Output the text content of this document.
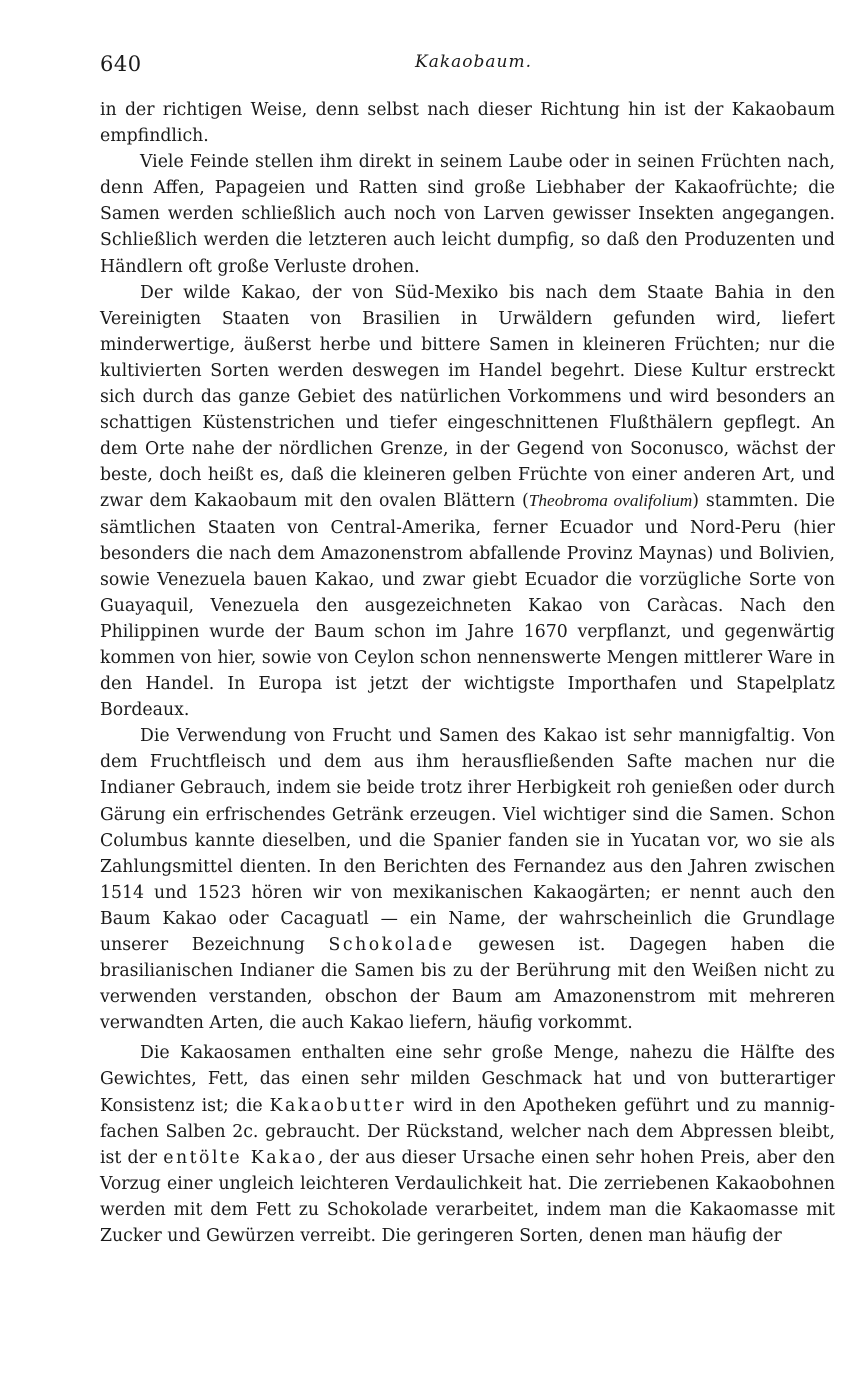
640	Kakaobaum.

in der richtigen Weise, denn selbst nach dieser Richtung hin ist der Kakaobaum empfindlich.

Viele Feinde stellen ihm direkt in seinem Laube oder in seinen Früchten nach, denn Affen, Papageien und Ratten sind große Liebhaber der Kakaofrüchte; die Samen werden schließlich auch noch von Larven gewisser Insekten angegangen. Schließlich werden die letzteren auch leicht dumpfig, so daß den Produzenten und Händlern oft große Verluste drohen.

Der wilde Kakao, der von Süd-Mexiko bis nach dem Staate Bahia in den Vereinigten Staaten von Brasilien in Urwäldern gefunden wird, liefert minderwertige, äußerst herbe und bittere Samen in kleineren Früchten; nur die kultivierten Sorten werden deswegen im Handel begehrt. Diese Kultur erstreckt sich durch das ganze Gebiet des natürlichen Vorkommens und wird besonders an schattigen Küstenstrichen und tiefer eingeschnittenen Flußthälern gepflegt. An dem Orte nahe der nördlichen Grenze, in der Gegend von Soconusco, wächst der beste, doch heißt es, daß die kleineren gelben Früchte von einer anderen Art, und zwar dem Kakaobaum mit den ovalen Blättern (Theobroma ovalifolium) stammten. Die sämtlichen Staaten von Central-Amerika, ferner Ecuador und Nord-Peru (hier besonders die nach dem Amazonenstrom abfallende Provinz Maynas) und Bolivien, sowie Venezuela bauen Kakao, und zwar giebt Ecuador die vorzügliche Sorte von Guayaquil, Venezuela den ausgezeichneten Kakao von Caràcas. Nach den Philippinen wurde der Baum schon im Jahre 1670 verpflanzt, und gegenwärtig kommen von hier, sowie von Ceylon schon nennenswerte Mengen mittlerer Ware in den Handel. In Europa ist jetzt der wichtigste Importhafen und Stapelplatz Bordeaux.

Die Verwendung von Frucht und Samen des Kakao ist sehr mannigfaltig. Von dem Fruchtfleisch und dem aus ihm herausfließenden Safte machen nur die Indianer Gebrauch, indem sie beide trotz ihrer Herbigkeit roh genießen oder durch Gärung ein erfrischendes Getränk erzeugen. Viel wichtiger sind die Samen. Schon Columbus kannte dieselben, und die Spanier fanden sie in Yucatan vor, wo sie als Zahlungsmittel dienten. In den Berichten des Fernandez aus den Jahren zwischen 1514 und 1523 hören wir von mexikanischen Kakaogärten; er nennt auch den Baum Kakao oder Cacaguatl — ein Name, der wahrscheinlich die Grundlage unserer Bezeichnung Schokolade gewesen ist. Dagegen haben die brasilianischen Indianer die Samen bis zu der Berührung mit den Weißen nicht zu verwenden verstanden, obschon der Baum am Amazonenstrom mit mehreren verwandten Arten, die auch Kakao liefern, häufig vorkommt.

Die Kakaosamen enthalten eine sehr große Menge, nahezu die Hälfte des Gewichtes, Fett, das einen sehr milden Geschmack hat und von butterartiger Konsistenz ist; die Kakaobutter wird in den Apotheken geführt und zu mannig-fachen Salben 2c. gebraucht. Der Rückstand, welcher nach dem Abpressen bleibt, ist der entölte Kakao, der aus dieser Ursache einen sehr hohen Preis, aber den Vorzug einer ungleich leichteren Verdaulichkeit hat. Die zerriebenen Kakaobohnen werden mit dem Fett zu Schokolade verarbeitet, indem man die Kakaomasse mit Zucker und Gewürzen verreibt. Die geringeren Sorten, denen man häufig der
